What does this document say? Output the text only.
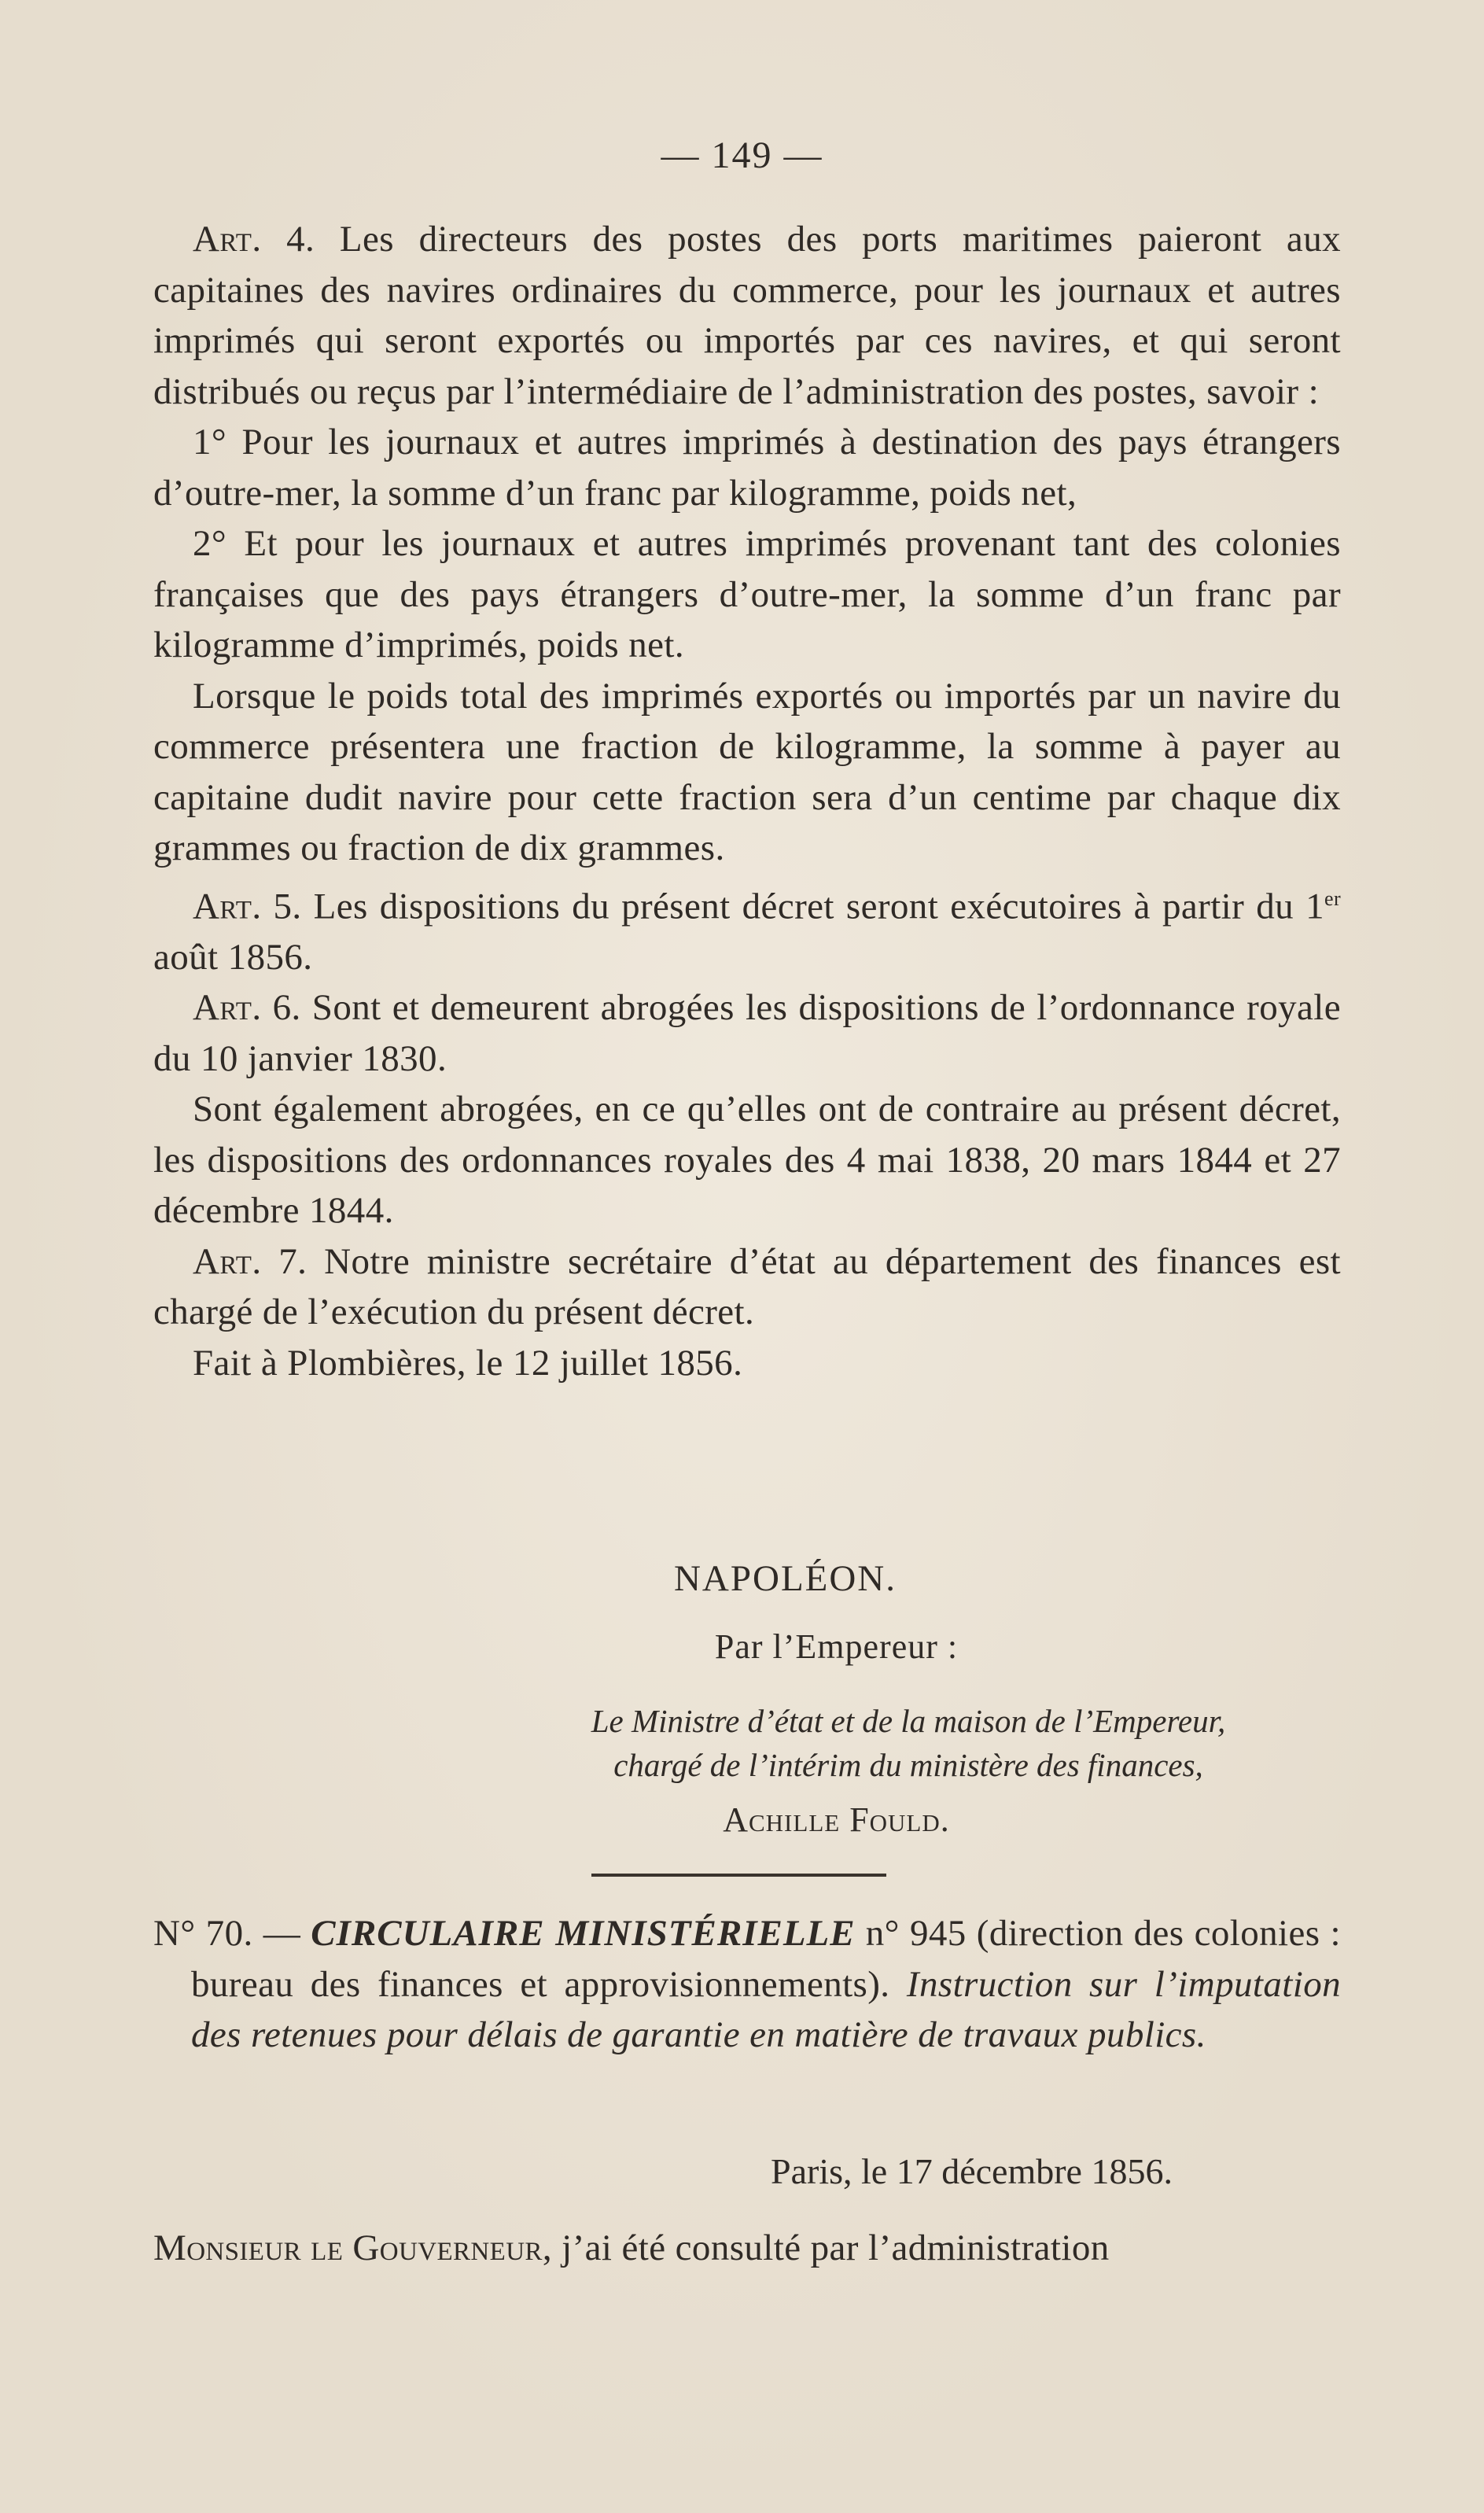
— 149 —

Art. 4. Les directeurs des postes des ports maritimes paieront aux capitaines des navires ordinaires du commerce, pour les journaux et autres imprimés qui seront exportés ou importés par ces navires, et qui seront distribués ou reçus par l’intermédiaire de l’administration des postes, savoir :

1° Pour les journaux et autres imprimés à destination des pays étrangers d’outre-mer, la somme d’un franc par kilogramme, poids net,

2° Et pour les journaux et autres imprimés provenant tant des colonies françaises que des pays étrangers d’outre-mer, la somme d’un franc par kilogramme d’imprimés, poids net.

Lorsque le poids total des imprimés exportés ou importés par un navire du commerce présentera une fraction de kilogramme, la somme à payer au capitaine dudit navire pour cette fraction sera d’un centime par chaque dix grammes ou fraction de dix grammes.

Art. 5. Les dispositions du présent décret seront exécutoires à partir du 1er août 1856.

Art. 6. Sont et demeurent abrogées les dispositions de l’ordonnance royale du 10 janvier 1830.

Sont également abrogées, en ce qu’elles ont de contraire au présent décret, les dispositions des ordonnances royales des 4 mai 1838, 20 mars 1844 et 27 décembre 1844.

Art. 7. Notre ministre secrétaire d’état au département des finances est chargé de l’exécution du présent décret.

Fait à Plombières, le 12 juillet 1856.

NAPOLÉON.
Par l’Empereur :
Le Ministre d’état et de la maison de l’Empereur,
chargé de l’intérim du ministère des finances,
Achille Fould.

N° 70. — CIRCULAIRE MINISTÉRIELLE n° 945 (direction des colonies : bureau des finances et approvisionnements). Instruction sur l’imputation des retenues pour délais de garantie en matière de travaux publics.

Paris, le 17 décembre 1856.

Monsieur le Gouverneur, j’ai été consulté par l’administration
